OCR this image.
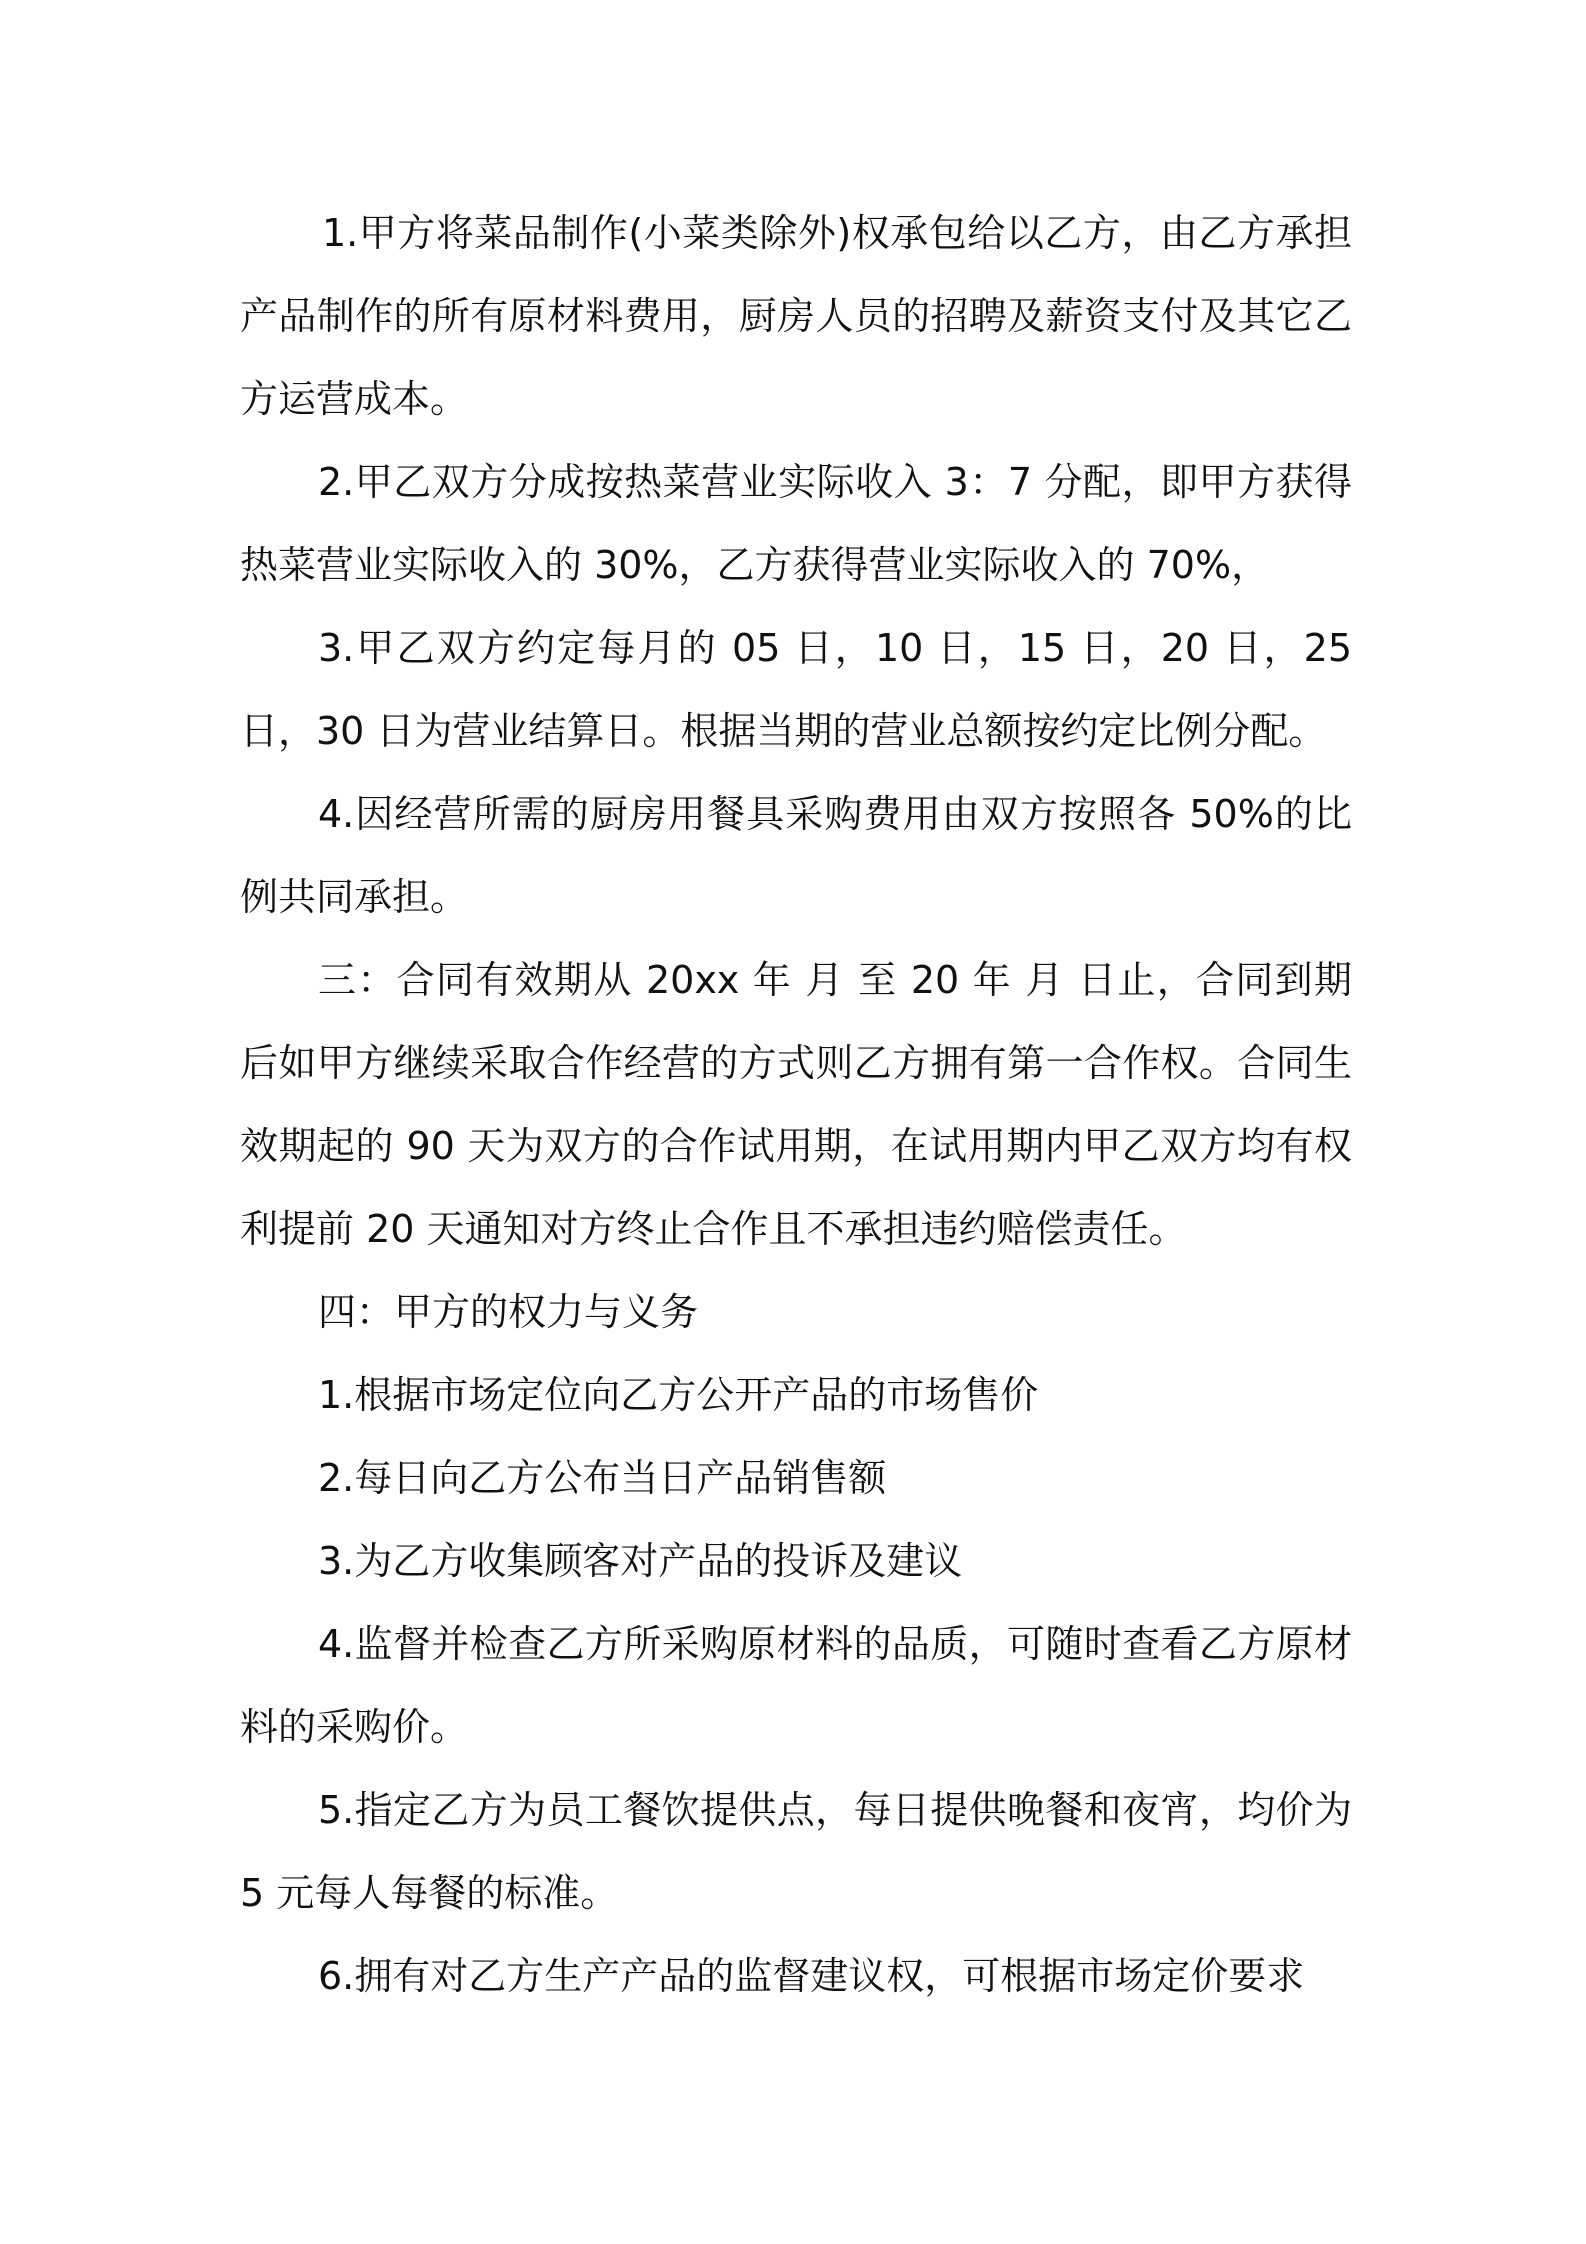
1.甲方将菜品制作(小菜类除外)权承包给以乙方，由乙方承担产品制作的所有原材料费用，厨房人员的招聘及薪资支付及其它乙方运营成本。

2.甲乙双方分成按热菜营业实际收入 3：7 分配，即甲方获得热菜营业实际收入的 30%，乙方获得营业实际收入的 70%，

3.甲乙双方约定每月的 05 日，10 日，15 日，20 日，25 日，30 日为营业结算日。根据当期的营业总额按约定比例分配。

4.因经营所需的厨房用餐具采购费用由双方按照各 50%的比例共同承担。

三：合同有效期从 20xx 年 月 至 20 年 月 日止，合同到期后如甲方继续采取合作经营的方式则乙方拥有第一合作权。合同生效期起的 90 天为双方的合作试用期，在试用期内甲乙双方均有权利提前 20 天通知对方终止合作且不承担违约赔偿责任。

四：甲方的权力与义务

1.根据市场定位向乙方公开产品的市场售价

2.每日向乙方公布当日产品销售额

3.为乙方收集顾客对产品的投诉及建议

4.监督并检查乙方所采购原材料的品质，可随时查看乙方原材料的采购价。

5.指定乙方为员工餐饮提供点，每日提供晚餐和夜宵，均价为 5 元每人每餐的标准。

6.拥有对乙方生产产品的监督建议权，可根据市场定价要求
